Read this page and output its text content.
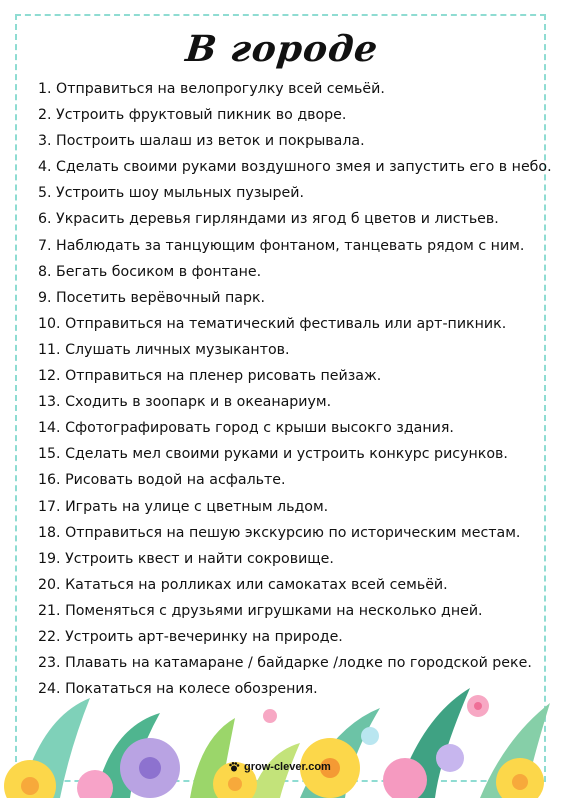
В городе
1. Отправиться на велопрогулку всей семьёй.
2. Устроить фруктовый пикник во дворе.
3. Построить шалаш из веток и покрывала.
4. Сделать своими руками воздушного змея и запустить его в небо.
5. Устроить шоу мыльных пузырей.
6. Украсить деревья гирляндами из ягод б цветов и листьев.
7. Наблюдать за танцующим фонтаном, танцевать рядом с ним.
8. Бегать босиком в фонтане.
9. Посетить верёвочный парк.
10. Отправиться на тематический фестиваль или арт-пикник.
11. Слушать личных музыкантов.
12. Отправиться на пленер рисовать пейзаж.
13. Сходить в зоопарк и в океанариум.
14. Сфотографировать город с крыши высокго здания.
15. Сделать мел своими руками и устроить конкурс рисунков.
16. Рисовать водой на асфальте.
17. Играть на улице с цветным льдом.
18. Отправиться на пешую экскурсию по историческим местам.
19. Устроить квест и найти сокровище.
20. Кататься на ролликах или самокатах всей семьёй.
21. Поменяться с друзьями игрушками на несколько дней.
22. Устроить арт-вечеринку на природе.
23. Плавать на катамаране / байдарке /лодке по городской реке.
24. Покататься на колесе обозрения.
grow-clever.com
